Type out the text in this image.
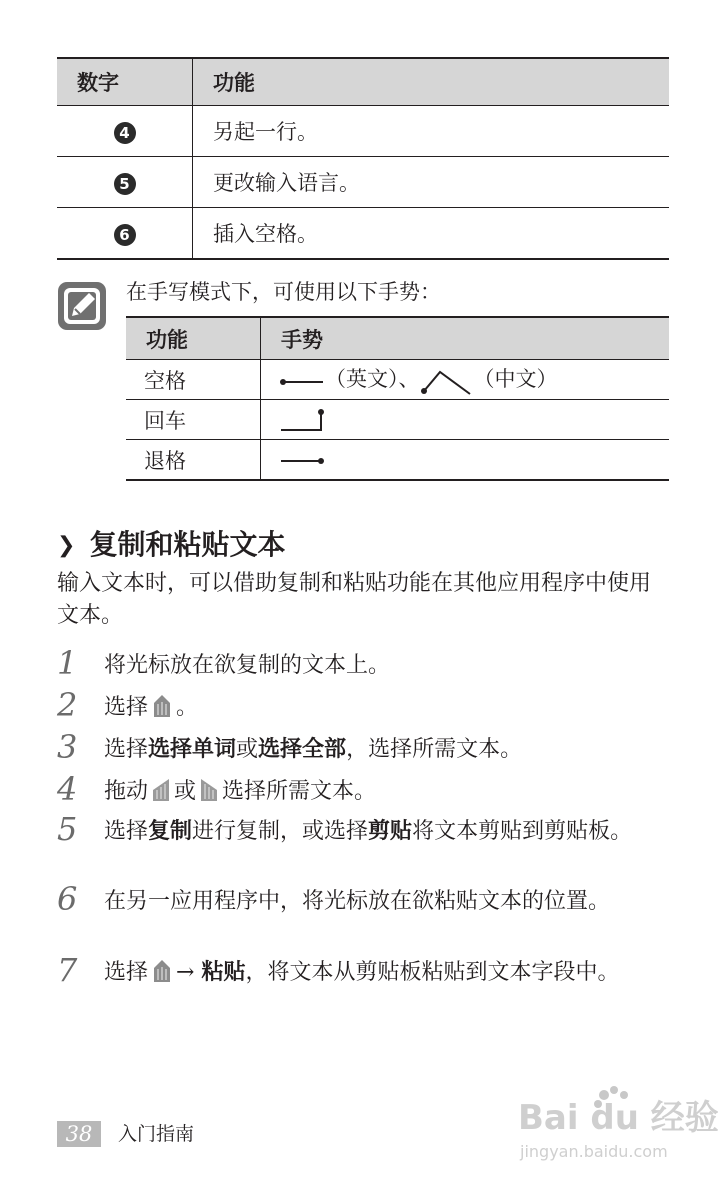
数字	功能
4	另起一行。
5	更改输入语言。
6	插入空格。
在手写模式下，可使用以下手势：
功能	手势
空格	（英文）、 （中文）
回车	
退格	
❯ 复制和粘贴文本
输入文本时，可以借助复制和粘贴功能在其他应用程序中使用文本。
1 将光标放在欲复制的文本上。
2 选择 。
3 选择选择单词或选择全部，选择所需文本。
4 拖动 或 选择所需文本。
5 选择复制进行复制，或选择剪贴将文本剪贴到剪贴板。
6 在另一应用程序中，将光标放在欲粘贴文本的位置。
7 选择 → 粘贴，将文本从剪贴板粘贴到文本字段中。
38	入门指南	Bai du 经验
jingyan.baidu.com
